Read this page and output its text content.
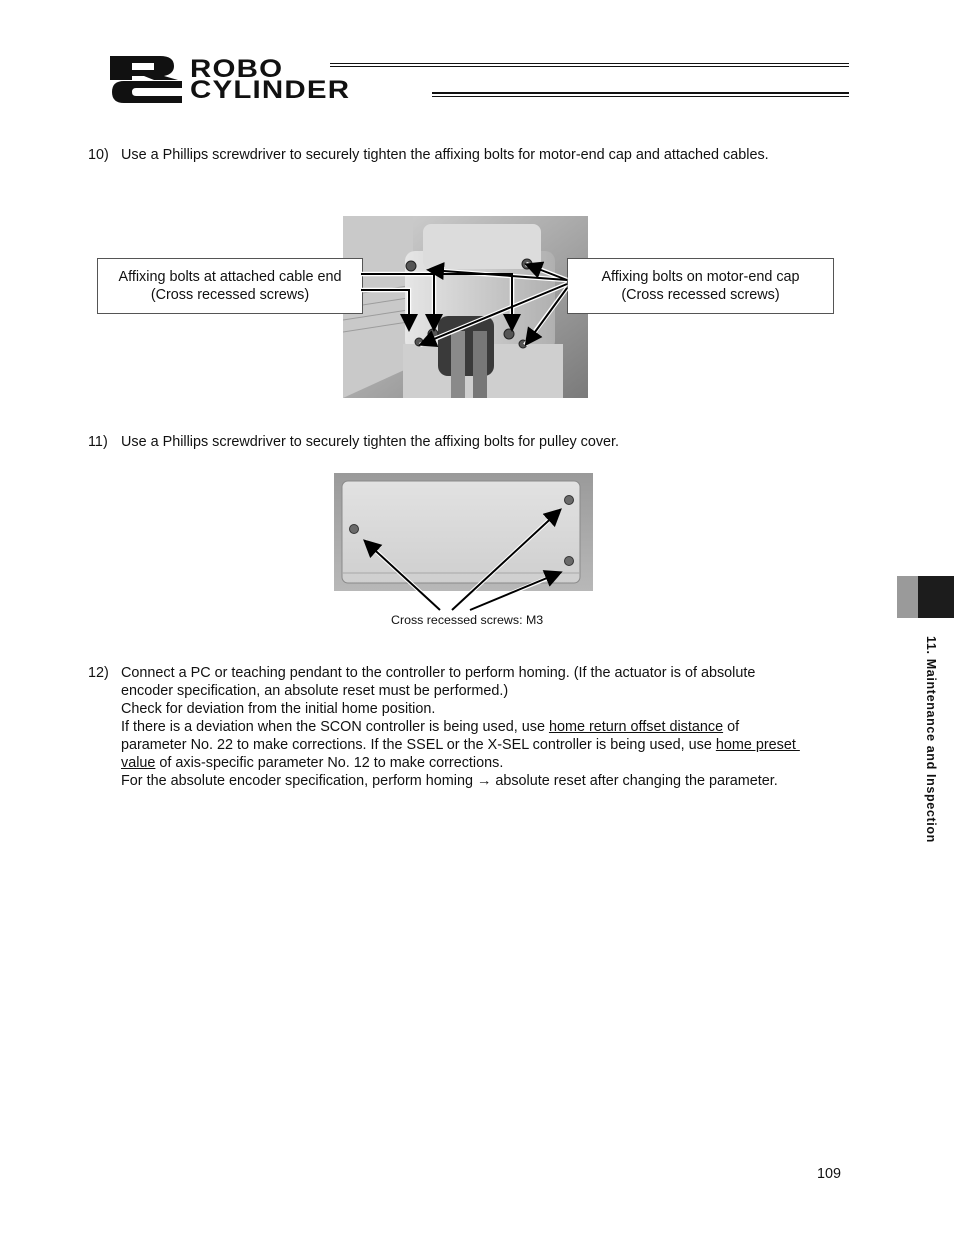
ROBO
CYLINDER
10) Use a Phillips screwdriver to securely tighten the affixing bolts for motor-end cap and attached cables.
Affixing bolts at attached cable end
(Cross recessed screws)
Affixing bolts on motor-end cap
(Cross recessed screws)
11) Use a Phillips screwdriver to securely tighten the affixing bolts for pulley cover.
Cross recessed screws: M3
12) Connect a PC or teaching pendant to the controller to perform homing. (If the actuator is of absolute
encoder specification, an absolute reset must be performed.)
Check for deviation from the initial home position.
If there is a deviation when the SCON controller is being used, use home return offset distance of
parameter No. 22 to make corrections. If the SSEL or the X-SEL controller is being used, use home preset
value of axis-specific parameter No. 12 to make corrections.
For the absolute encoder specification, perform homing → absolute reset after changing the parameter.	11. Maintenance and Inspection
109
